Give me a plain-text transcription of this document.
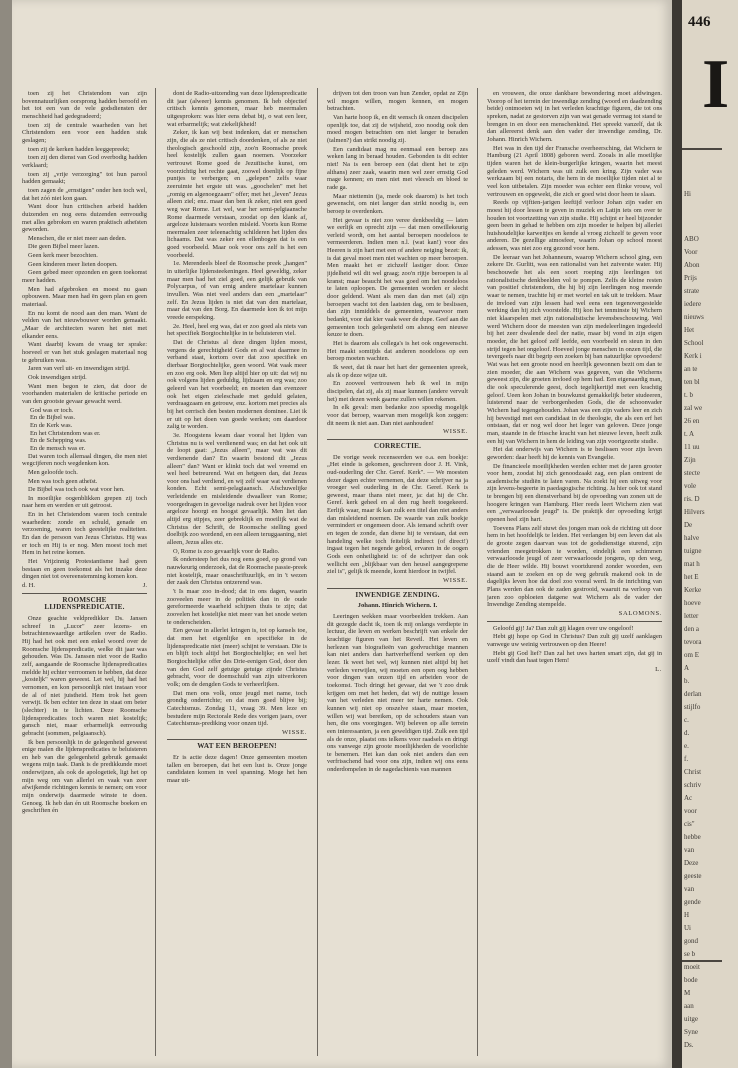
toen zij het Christendom van zijn bovennatuurlijken oorsprong hadden beroofd en het tot een van de vele godsdiensten der menschheid had gedegradeerd;

toen zij de centrale waarheden van het Christendom een voor een hadden stuk geslagen;

toen zij de kerken hadden leeggepreekt;

toen zij den dienst van God overbodig hadden verklaard;

toen zij „vrije verzorging" tot hun parool hadden gemaakt;

toen zagen de „ernstigen" onder hen toch wel, dat het zóó niet kon gaan.

Want door hun critischen arbeid hadden duizenden en nog eens duizenden eenvoudig met alles gebroken en waren praktisch atheïsten geworden.

Menschen, die er niet meer aan deden.

Die geen Bijbel meer lazen.

Geen kerk meer bezochten.

Geen kinderen meer lieten doopen.

Geen gebed meer opzonden en geen toekomst meer hadden.

Men had afgebroken en moest nu gaan opbouwen. Maar men had ën geen plan en geen materiaal.

En nu komt de nood aan den man. Want de velden van het nieuwbouwer worden gemaakt. „Maar de architecten waren het niet met elkander eens.

Want daarbij kwam de vraag ter sprake: hoeveel er van het stuk geslagen materiaal nog te gebruiken was.

Jaren van verl uit- en inwendigen strijd.

Ook inwendigen strijd.

Want men begon te zien, dat door de voorhanden materialen de kritische periode en van den grootste gevaar gewacht werd.

God was er toch.

En de Bijbel was.

En de Kerk was.

En het Christendom was er.

En de Schepping was.

En de mensch was er.

Dat waren toch allemaal dingen, die men niet wegcijferen noch wegdenken kon.

Men geloofde toch.

Men was toch geen atheïst.

De Bijbel was toch ook wat voor hen.

In moeilijke oogenblikken grepen zij toch naar hem en werden er uit getroost.

En in het Christendom waren toch centrale waarheden: zonde en schuld, genade en verzoening, waren toch geestelijke realiteiten. En dan de persoon van Jezus Christus. Hij was er toch en Hij is er nog. Men moest toch met Hem in het reine komen.

Het Vrijzinnig Protestantisme had geen bestaan en geen toekomst als het inzake deze dingen niet tot overeenstemming komen kon.

d. H.	J.
ROOMSCHE LIJDENSPREDICATIE.

Onze geachte veldpredikker Ds. Jansen schreef in „Lucor" zeer lezens- en betrachtenswaardige artikelen over de Radio. Hij had het ook met een enkel woord over de Roomsche lijdenspredicatie, welke dit jaar was gehouden. Was Ds. Janssen niet voor de Radio zelf, aangaande de Roomsche lijdenspredicaties meldde hij echter verroomen te hebben, dat deze „kosteljk" waren geweest. Let wel, hij had het vernomen, en kon persoonlijk niet instaan voor de al of niet juistheid. Hem trok het geen verwijt. Ik ben echter ten deze in staat om beter (slechter) in te lichten. Deze Roomsche lijdenspredicaties toch waren niet kostelijk; gansch niet, maar erbarmelijk eenvoudig gebracht (sommen, pelgiaansch).

Ik ben persoonlijk in de gelegenheid geweest enige malen die lijdenspredicaties te beluisteren en heb van die gelegenheid gebruik gemaakt wegens mijn taak. Dank is de predikkunde moet onderwijzen, als ook de apologetiek, ligt het op mijn weg om van allerlei en vaak van zeer afwijkende richtingen kennis te nemen; om voor mijn onderwijs daarmede winste te doen. Genoeg. Ik heb dan én uit Roomsche boeken en geschriften én

dont de Radio-uitzending van deze lijdenspredicatie dit jaar (alweer) kennis genomen. Ik heb objectief critisch kennis genomen, maar heb meermalen uitgesproken: was hier eens debat bij, o wat een leer, wat erbarmelijk; wat ziekelijkheid!

Zeker, ik kan wij best indenken, dat er menschen zijn, die als ze niet critisch doordenken, of als ze niet theologisch geschoold zijn, zoo'n Roomsche preek heel kostelijk zullen gaan noemen. Voorzeker vertrouwt Rome goed de Jezuïtische kunst, om voorzichtig het rechte gaat, zoowel doenlijk op fijne puntjes te verbergen; en „gelepen" zelfs waar zeeruimte het ergste uit was. „goochelen" met het „romig en algenoegzaam" offer; met het „leven" Jezus alleen ziel; enz. maar dan ben ik zeker, niet een goed weg war Rome. Let wel, war her semi-pelgiaansche Rome daarmede verstaan, zoodat op den klank af, argeloze luisteraars worden misleid. Voorts kun Rome meermalen zeer teleenachtig schilderen het lijden des lichaams. Dat was zeker een ellenbogen dat is een goed voorbeeld. Maar ook voor ons zelf is het een voorbeeld.

1e. Merendeels bleef de Roomsche preek „hangen" in uiterlijke lijdensteekeningen. Heel geweldig, zeker maar men had het ziel goed, een gelijk gebruik van Polycarpus, of van ernig andere martelaar kunnen invullen. Was niet veel anders dan een „martelaar" zelf. En Jezus lijden is niet dat van den martelaar, maar dat van den Borg. En daarmede kon ik tot mijn vreede eerspeking.

2e. Heel, heel erg was, dat er zoo goed als niets van het specifiek Borgtochtelijke in te beluisteren viel.

Dat de Christus al deze dingen lijden moest, vergens de gerechtigheid Gods en al wat daarmee in verband staat, kortom over dat zoo specifiek en dierbaar Borgtochtelijke, geen woord. Wat vaak meer en zoo erg ook. Men liep altijd hier op uit: dat wij nu ook volgens lijden geduldig, lijdzaam en erg was; zoo geleerd van het voorbeeld; en moeten dan evenzeer ook het eigen zieleschade met geduld gelaten, verdraagzaam en getrouw, enz. kortom met precies als bij het cerrisch den besten modernen dominee. Liet ik er uit op het doen van goede werken; om daardoor zalig te worden.

3e. Hoogstens kwam daar vooral het lijden van Christus nu is wel verdienend was; en dat het ook uit de loopt gaat: „Jezus alleen", maar wat was dit verdienende dan? En waarin bestond dit „Jezus alleen" dan? Want er klinkt toch dat wel vreemd en wel heel betreurend. Wat en hetgeen dan, dat Jezus voor ons had verdiend, en wij zelf waar wat verdienen konden. Echt semi-pelagiaansch. Afschuwelijke verleidende en misleidende dwaalleer van Rome; voorgedragen in gevoelige nadruk over het lijden voor argeloze hoorgt en hoogst gevaarlijk. Men liet dan altijd erg stipjes, zeer gebreklijk en moeilijk wat de Christus der Schrift, de Roomsche stelling goed doelbijk zoo wordend, en een alleen teruggaaning, niet alleen, Jezus alles etc.

O, Rome is zoo gevaarlijk voor de Radio.

Ik ondersteep het dus nog eens goed, op grond van nauwkeurig onderzoek, dat de Roomsche passie-preek niet kostelijk, maar onaschriftuurlijk, en in 't wezen der zaak den Christus ontzerend was.

't Is maar zoo in-dood; dat in ons dagen, waarin zooveelen meer in de politiek dan in de oude gereformeerde waarheid schijnen thuis te zijn; dat zoovelen het kostelijke niet meer van het snode weten te onderscheiden.

Een gevaar in allerlei kringen is, tot op kansels toe, dat men het eigenlijke en specifieke in de lijdenspredicatie niet (meer) schijnt te verstaan. Die is en blijft toch altijd het Borgtochtelijke; en wel het Borgtochtelijke offer des Drie-eenigen God, door den van den God zelf getuige getuige zijnde Christus gebracht, voor de doemschuld van zijn uitverkoren volk; om de dengden Gods te verheerlijken.

Dat men ons volk, onze jeugd met name, toch grondig onderrichte; en dat men goed blijve bij; Catechismus. Zondag 11, vraag 39. Men leze en bestudere mijn Rectorale Rede des vorigen jaars, over Catechismus-prediking voor onzen tijd.

WISSE.
WAT EEN BEROEPEN!

Er is actie deze dagen! Onze gemeenten moeten tallen en beroepen, dat het een lust is. Onze jonge candidaten komen in veel spanning. Moge het hen maar uit-

drijven tot den troon van hun Zender, opdat ze Zijn wil mogen willen, mogen kennen, en mogen betrachten.

Van harte hoop ik, en dit wensch ik onzen discipelen openlijk toe, dat zij de wijsheid, zoo noodig ook den moed mogen betrachten om niet langer te beraden (talmen?) dan strikt noodig zij.

Een candidaat mag nu eenmaal een beroep zes weken lang in beraad houden. Gebonden is dit echter niet! Na is een beroep een (dat dient het te zijn althans) zeer zaak, waarin men wel zeer ernstig God mage kennen; en men niet met vleesch en bloed te rade ga.

Maar niettemin (ja, mede ook daarom) is het toch gewenscht, om niet langer dan strikt noodig is, een beroep te overdenken.

Het gevaar is niet zoo veree denkbeeldig — laten we eerlijk en oprecht zijn — dat men onwillekeurig verleid wordt, om het aantal beroepen noodeloos te vermeerderen. Indien men n.l. (wat kan!) voor des Heeren is zijn hart met een of andere neiging bezet: ik, is dat geval moet men niet wachten op meer beroepen. Men maakt het er zichzelf lastiger door. Onze jijdelheid wil dit wel graag; zoo'n rijtje beroepen is al kranst; maar beaucht het was goed om het noodeloos te laten oploopen. De gemeenten worden er slecht door geldend. Want als men dan dan met (al) zijn beroepen wacht tot den laatsten dag, om te beslissen, dan zijn inmiddels de gemeenten, waarvoor men bedankt, voor dat kier vaak weer de dupe. Geef aan die gemeenten toch gelegenheid om alsnog een nieuwe keuze te doen.

Het is daarom als collega's is het ook ongewenscht. Het maakt somtijds dat anderen noodeloos op een beroep moeten wachten.

Ik weet, dat ik naar het hart der gemeenten spreek, als ik op deze wijze uit.

En zooveel vertrouwen heb ik wel in mijn discipelen, dat zij, als zij maar kunnen (andere vervult het) met dezen wenk gaarne zullen willen rekenen.

In elk geval: men bedanke zoo spoedig mogelijk voor dat beroep, waarvan men mogelijk kon zeggen: dit neem ik niet aan. Dan niet aanhouden!

WISSE.
CORRECTIE.

De vorige week recenseerden we o.a. een boekje: „Het einde is gekomen, geschreven door J. H. Vink, oud-ouderling der Chr. Geref. Kerk". — We moesten dezer dagen echter vernemen, dat deze schrijver na ja vroeger wel ouderling in de Chr. Geref. Kerk is geweest, maar thans niet meer, ja: dat hij de Chr. Geref. kerk geheel en al den rug heeft toegekeerd. Eerlijk waar, maar ik kan zulk een titel dan niet anders dan misleidend noemen. De waarde van zulk boekje vermindert er ongemeen door. Als iemand schrift over en tegen de zonde, dan diene hij te verstaan, dat een handeling welke toch feitelijk indirect (of direct!) ingaat tegen het negende gebod, ervaren in de oogen Gods een onheiligheid is: of de schrijver dan ook wellicht een „blijkbaar van den heusel aangegrepene ziel is", gelijk ik meende, komt hierdoor in twijfel.

WISSE.
INWENDIGE ZENDING.
Johann. Hinrich Wichern. I.

Leeringen wekken maar voorbeelden trekken. Aan dit gezegde dacht ik, toen ik mij onlangs verdiepte in lectuur, die leven en werken beschrijft van enkele der krachtige figuren van het Reveil. Het leven en herlezen van biografieën van godvruchtige mannen kan niet anders dan hartverheffend werken op den lezer. Ik weet het wel, wij kunnen niet altijd bij het verleden verwijlen, wij moeten een open oog hebben voor dingen van onzen tijd en arbeiden voor de toekomst. Toch dringt het gevaar, dat we 't zoo druk krijgen om met het heden, dat wij de nuttige lessen van het verleden niet meer ter harte nemen. Ook kunnen wij niet op onszelve staan, maar moeten, willen wij wat bereiken, op de schouders staan van hen, die ons voorgingen. Wij beleven op alle terrein een interessanten, ja een geweldigen tijd. Zulk een tijd als de onze, plaatst ons telkens voor raadsels en dringt ons vanwege zijn groote moeilijkheden de voorlichte te benemen. Het kan dan ook niet anders dan een verfrisschend bad voor ons zijn, indien wij ons eens onderdompelen in de nagedachtenis van mannen

en vrouwen, die onze dankbare bewondering moet afdwingen. Voorop of het terrein der inwendige zending (woord en daadzending beide) ontmoeten wij in het verleden krachtige figuren, die tot ons spreken, nadat ze gestorven zijn van wat genade vermag tot stand te brengen in en door een menschenkind. Het spreekt vanzelf, dat ik dan allereerst denk aan den vader der inwendige zending, Dr. Johann. Hinrich Wichern.

Het was in den tijd der Fransche overheersching, dat Wichern te Hamburg (21 April 1808) geboren werd. Zooals in alle moeilijke tijden waren het de klein-burgerlijke kringen, waarin het meest geleden werd. Wichern was uit zulk een kring. Zijn vader was werkzaam bij een notaris, die hem in de moeilijke tijden niet al te veel kon uitbetalen. Zijn moeder was echter een flinke vrouw, vol vertrouwen en opgewekt, die zich er goed wist door heen te slaan.

Reeds op vijftien-jarigen leeftijd verloor Johan zijn vader en moest hij door lessen te geven in muziek en Latijn iets om over te houden tot voortzetting van zijn studie. Hij schijnt er heel bijzonder geen been in gehad te hebben om zijn moeder te helpen bij allerlei huishoudelijke karweitjes en kende al vroeg zichzelf te geven voor anderen. De gezellige atmosfeer, waarin Johan op school moest adessen, was niet zoo erg gezond voor hem.

De leeraar van het Johanneum, waarop Wichern school ging, een zekere Dr. Gurlitt, was een rationalist van het zuiverste water. Hij beschouwde het als een soort roeping zijn leerlingen tot rationalistische denkbeelden vol te pompen. Zelfs de kleine resten van positief christendom, die hij bij zijn leerlingen nog meende waar te nemen, trachtte hij er met wortel en tak uit te trekken. Maar de invloed van zijn lessen had wel eens een tegenovergestelde werking dan hij zich voorstelde. Hij kon het tenminste bij Wichern niet klaarspelen met zijn rationalistische levensbeschouwing. Wel werd Wichern door de meesten van zijn medeleerlingen ingedeeld bij het zeer dwalende deel der natie, maar bij vond in zijn eigen moeder, die het geloof zelf leefde, een voorbeeld en steun in den strijd tegen het ongeloof. Hoeveel jonge menschen in onzen tijd, die tevergeefs naar dit begrip een zoeken bij ban natuurlijke opvoeders! Wat was het een groote nood en heerlijk gewonnen bezit om dan te zien moeder, die aan Wichern was gegeven, van die Wicherns geweest zijn, die groeten invloed op hem had. Een eigenaardig man, die ook speculerende geest, doch tegelijkertijd met een krachtig geloof. Ueen kon Johan in bouwkunst gemakkelijk beter studeeren, luisterend naar de verborgenheden Gods, die de schoonvader Wichern had tegengehouden. Johan was een zijn vaders leer en zich hij bevestigd met een candidaat in de theologie, die als een erf het ontstaan, dat er nog wel door het leger van geloven. Deze jonge man, staande in de frissche kracht van het nieuwe leven, heeft zulk een hij van Wichern in hem de leiding van zijn voortgezette studie.

Het dat onderwijs van Wichern is te beslissen voor zijn leven geworden: daar heeft hij de kennis van Evangelie.

De financieele moeilijkheden werden echter met de jaren grooter voor hem, zoodat hij zich genoodzaakt zag, een plan omtrent de academische studiën te laten varen. Na zoekt hij een uitweg voor zijn levens-begeerte in paedagogische richting. Ja hier ook tot stand te brengen bij een dienstverband bij de opvoeding van zonen uit de hoogere kringen van Hamburg. Hier reeds leert Wichern zien wat een „verwaarloosde jeugd" is. De praktijk der opvoeding krijgt openen heel zijn hart.

Toevens Plans zelf stuwt des jongen man ook de richting uit door hem in het hoofdelijk te leiden. Het verlangen bij een leven dat als de groote zegen daarvan was tot de godsdienstige sturend, zijn vrienden meegetrokken te worden, eindelijk een schimmen verwaarloosde jeugd of zeer verwaarloosde jongens, op den weg, die de Heer wilde. Hij bouwt voortdurend zonder woorden, een staand aan te zoeken en op de weg gebruik makend ook in de dagelijks leven hoe dat doel zoo vooral werd. In de inrichting van Plans werden dan ook de zaden gestrooid, waaruit na verloop van jaren zoo opbloeien datgene wat Wichern als de vader der Inwendige Zending stempelde.

SALOMONS.

Geloofd gij! Ja? Dan zult gij klagen over uw ongeloof!

Hebt gij hope op God in Christus? Dan zult gij uzelf aanklagen vanwege uw weinig vertrouwen op den Heere!

Hebt gij God lief? Dan zal het uws harten smart zijn, dat gij in uzelf vindt dan haat tegen Hem!

L.
446
I
Hi
ABO
Voor
Abon
Prijs
strate
iedere
nieuws
Het
School
Kerk i
an te
ten bl
t. b
zal we
26 en
t. A
11 uu
Zijn
stecte
vole
ris. D
Hilvers
De
halve
tuigne
mat h
het E
Kerke
hoeve
letter
den a
tevora
om E
A
b.
derlan
stijlfo
c.
d.
e.
f.
Christ
schriv
Ac
voor
cis"
hebbe
van
Deze
geeste
van
gende
H
Ui
gond
se b
moeit
bode
M
aan
uitge
Syne
Ds.
